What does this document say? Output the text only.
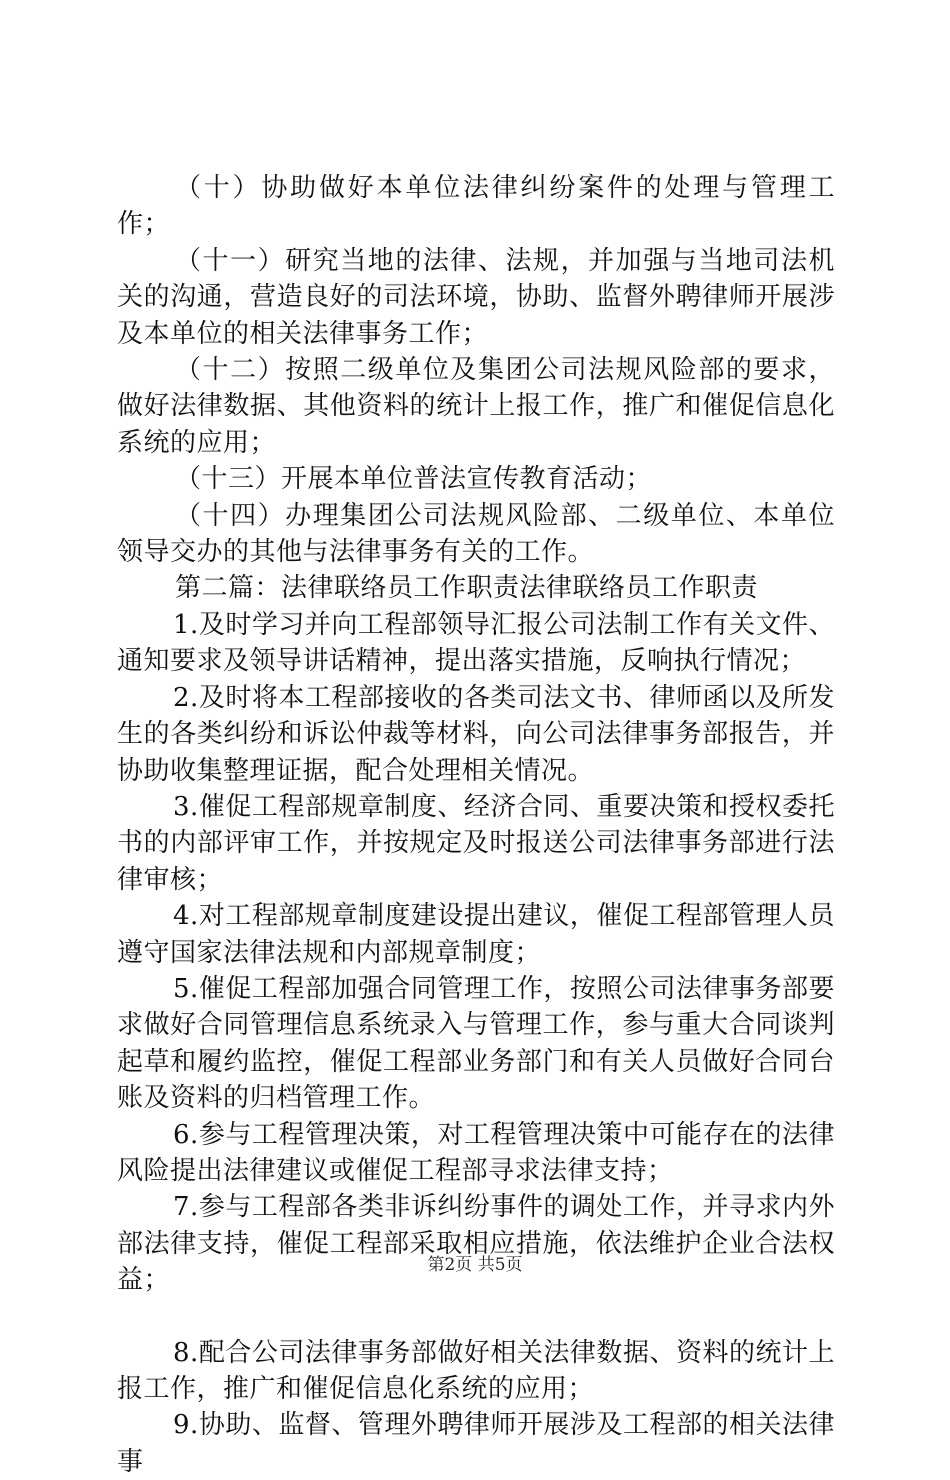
（十）协助做好本单位法律纠纷案件的处理与管理工作；

（十一）研究当地的法律、法规，并加强与当地司法机关的沟通，营造良好的司法环境，协助、监督外聘律师开展涉及本单位的相关法律事务工作；

（十二）按照二级单位及集团公司法规风险部的要求，做好法律数据、其他资料的统计上报工作，推广和催促信息化系统的应用；

（十三）开展本单位普法宣传教育活动；

（十四）办理集团公司法规风险部、二级单位、本单位领导交办的其他与法律事务有关的工作。

第二篇：法律联络员工作职责法律联络员工作职责

1.及时学习并向工程部领导汇报公司法制工作有关文件、通知要求及领导讲话精神，提出落实措施，反响执行情况；

2.及时将本工程部接收的各类司法文书、律师函以及所发生的各类纠纷和诉讼仲裁等材料，向公司法律事务部报告，并协助收集整理证据，配合处理相关情况。

3.催促工程部规章制度、经济合同、重要决策和授权委托书的内部评审工作，并按规定及时报送公司法律事务部进行法律审核；

4.对工程部规章制度建设提出建议，催促工程部管理人员遵守国家法律法规和内部规章制度；

5.催促工程部加强合同管理工作，按照公司法律事务部要求做好合同管理信息系统录入与管理工作，参与重大合同谈判起草和履约监控，催促工程部业务部门和有关人员做好合同台账及资料的归档管理工作。

6.参与工程管理决策，对工程管理决策中可能存在的法律风险提出法律建议或催促工程部寻求法律支持；

7.参与工程部各类非诉纠纷事件的调处工作，并寻求内外部法律支持，催促工程部采取相应措施，依法维护企业合法权益；

8.配合公司法律事务部做好相关法律数据、资料的统计上报工作，推广和催促信息化系统的应用；

9.协助、监督、管理外聘律师开展涉及工程部的相关法律事

第2页 共5页
